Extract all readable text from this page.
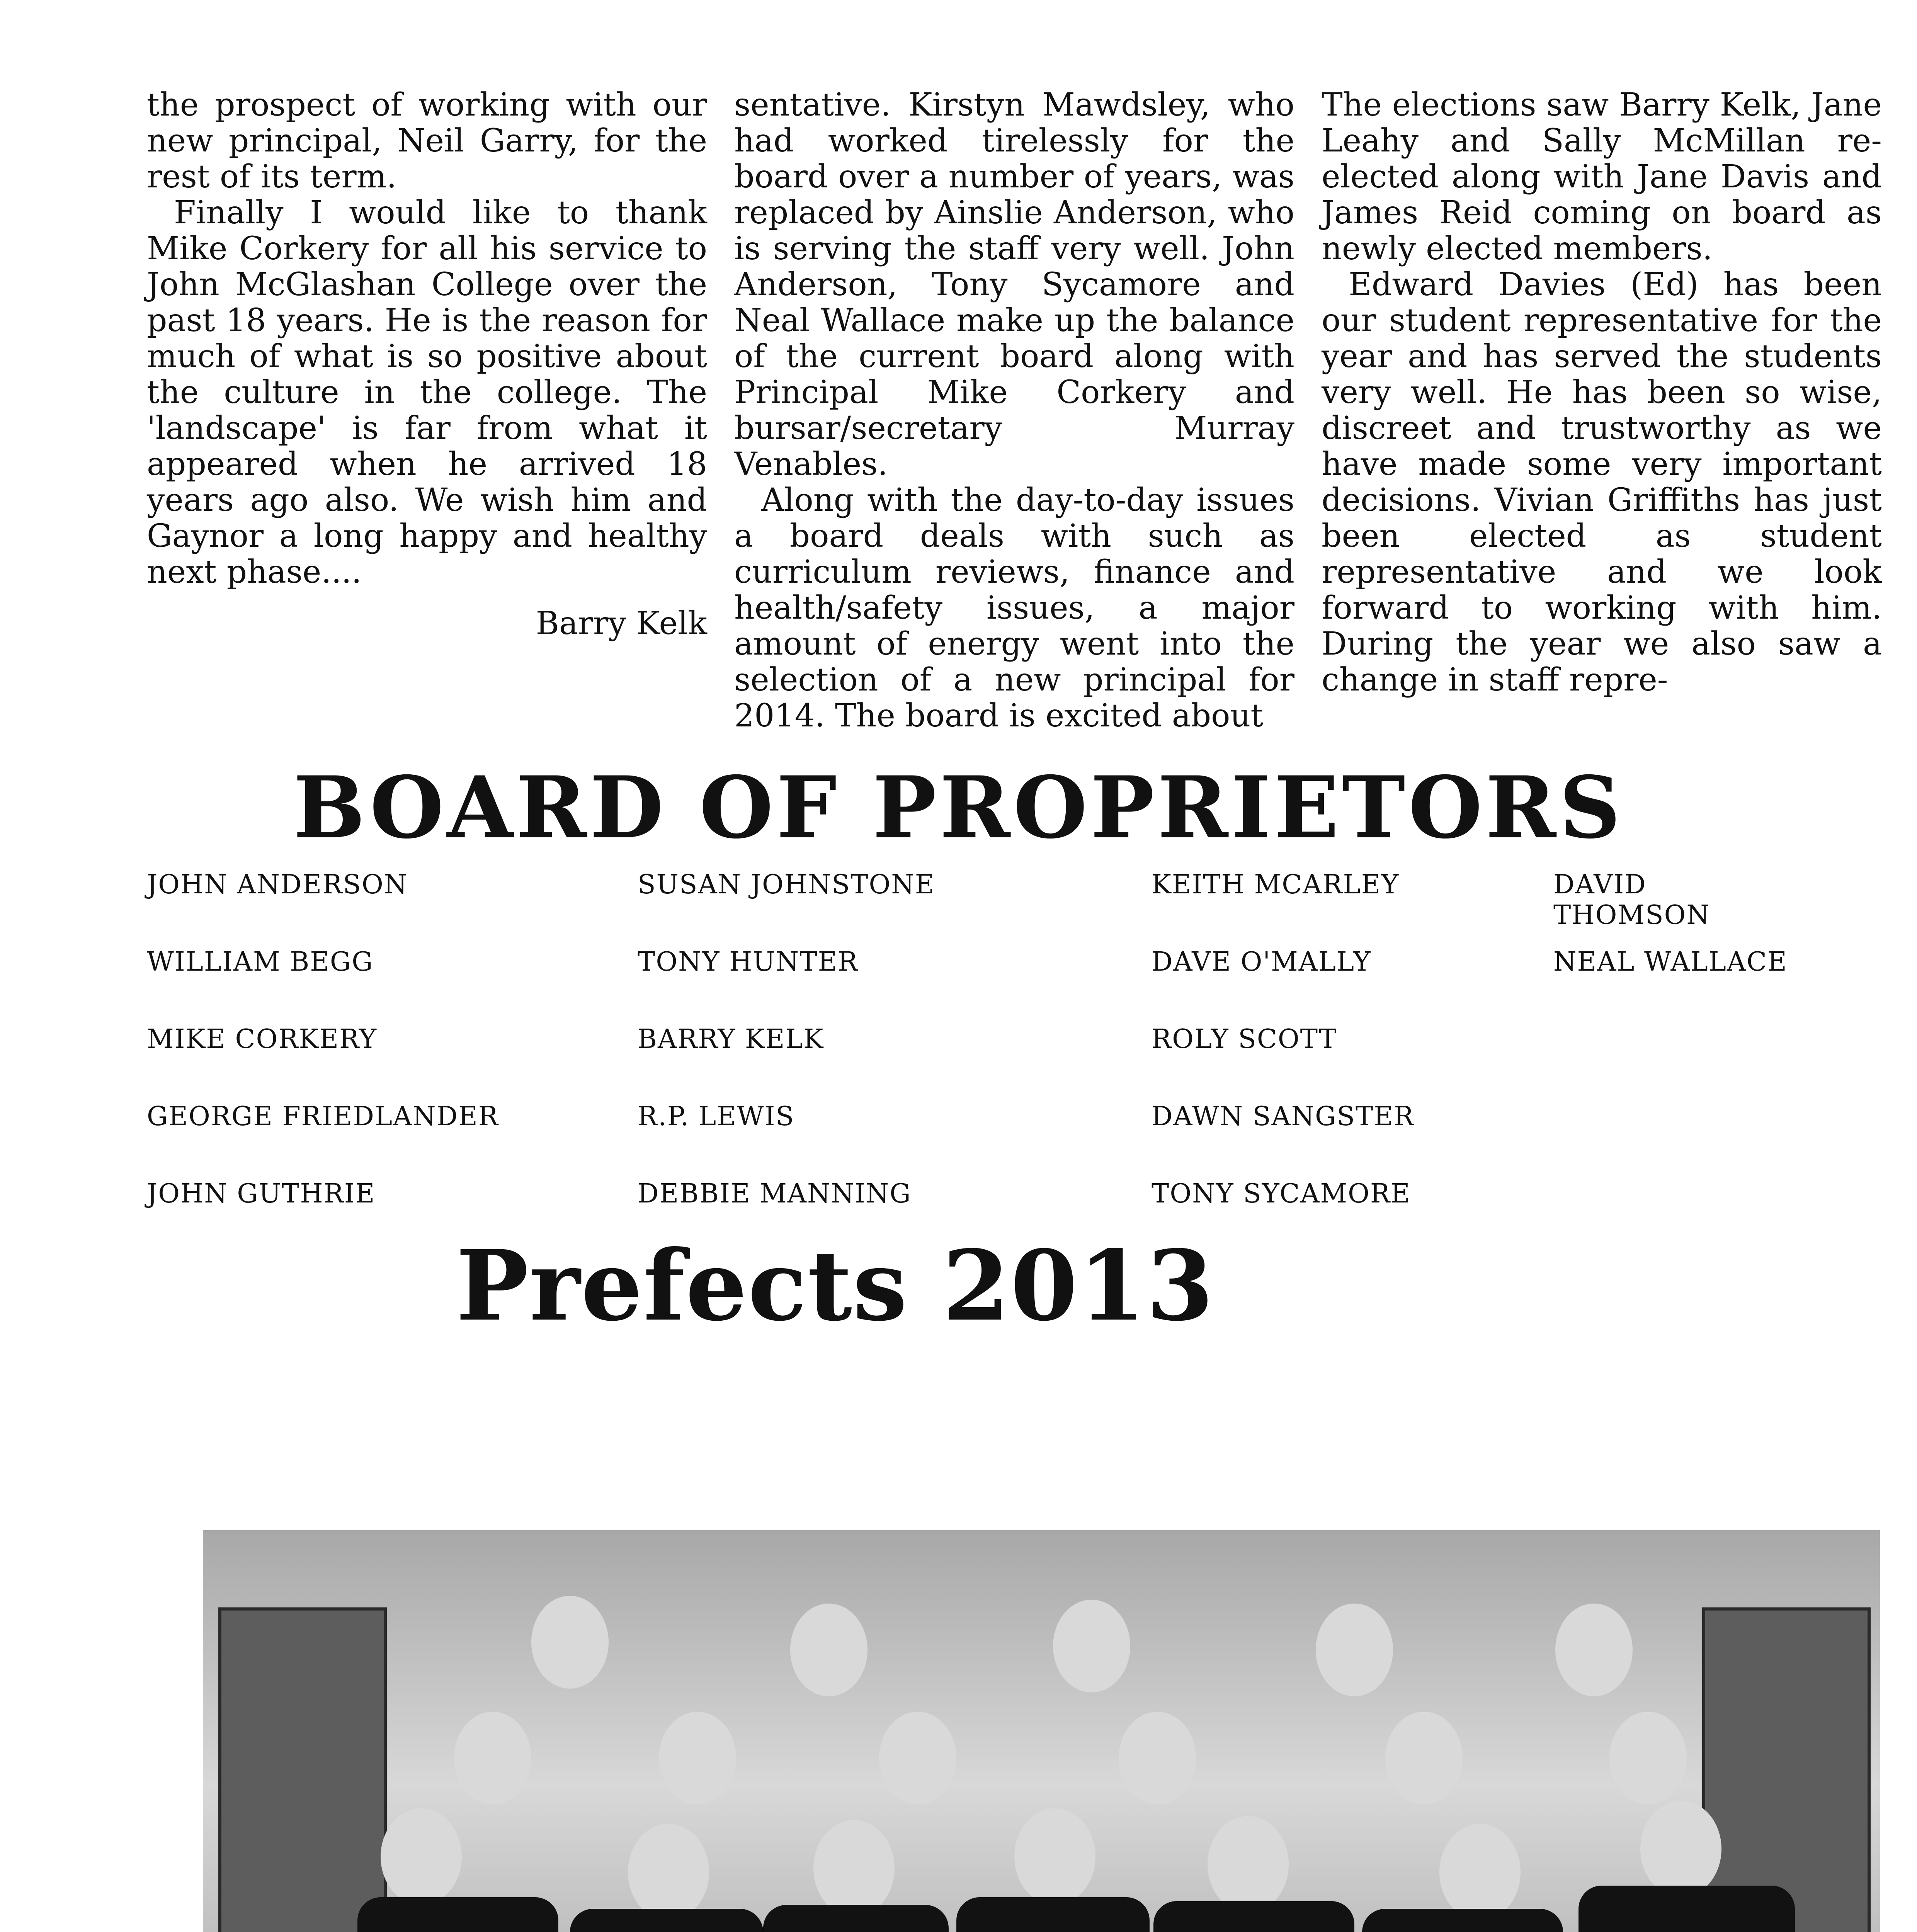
The elections saw Barry Kelk, Jane Leahy and Sally McMillan re-elected along with Jane Davis and James Reid coming on board as newly elected members.

Edward Davies (Ed) has been our student representative for the year and has served the students very well. He has been so wise, discreet and trustworthy as we have made some very important decisions. Vivian Griffiths has just been elected as student representative and we look forward to working with him. During the year we also saw a change in staff repre-

sentative. Kirstyn Mawdsley, who had worked tirelessly for the board over a number of years, was replaced by Ainslie Anderson, who is serving the staff very well. John Anderson, Tony Sycamore and Neal Wallace make up the balance of the current board along with Principal Mike Corkery and bursar/secretary Murray Venables.

Along with the day-to-day issues a board deals with such as curriculum reviews, finance and health/safety issues, a major amount of energy went into the selection of a new principal for 2014. The board is excited about

the prospect of working with our new principal, Neil Garry, for the rest of its term.

Finally I would like to thank Mike Corkery for all his service to John McGlashan College over the past 18 years. He is the reason for much of what is so positive about the culture in the college. The 'landscape' is far from what it appeared when he arrived 18 years ago also. We wish him and Gaynor a long happy and healthy next phase....

Barry Kelk
BOARD OF PROPRIETORS
JOHN ANDERSON
WILLIAM BEGG
MIKE CORKERY
GEORGE FRIEDLANDER
JOHN GUTHRIE
SUSAN JOHNSTONE
TONY HUNTER
BARRY KELK
R.P. LEWIS
DEBBIE MANNING
KEITH MCARLEY
DAVE O'MALLY
ROLY SCOTT
DAWN SANGSTER
TONY SYCAMORE
DAVID THOMSON
NEAL WALLACE
Prefects 2013
